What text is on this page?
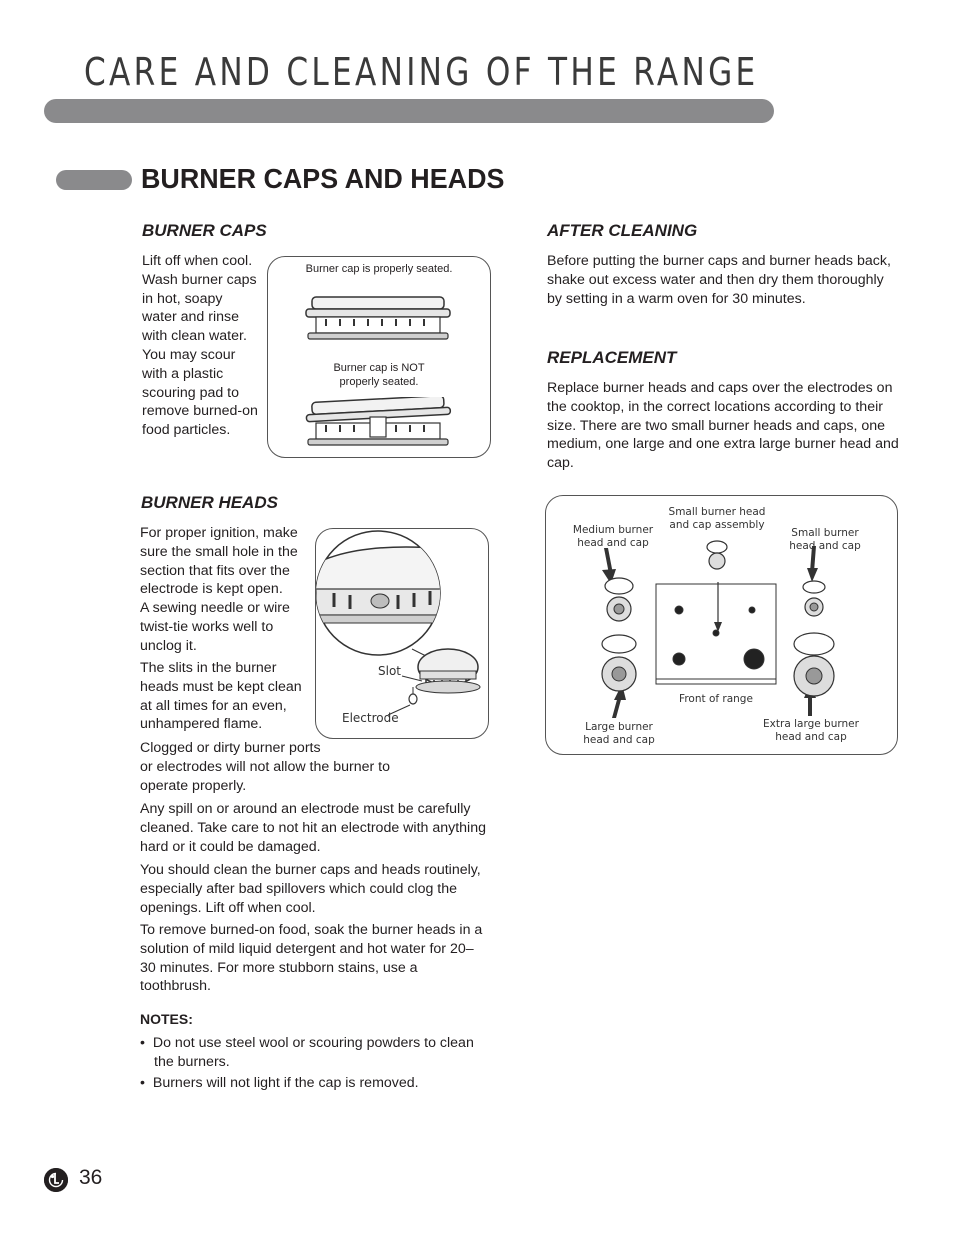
CARE AND CLEANING OF THE RANGE
BURNER CAPS AND HEADS
BURNER CAPS
Lift off when cool.
Wash burner caps
in hot, soapy
water and rinse
with clean water.
You may scour
with a plastic
scouring pad to
remove burned-on
food particles.
Burner cap is properly seated.
Burner cap is NOT
properly seated.
BURNER HEADS
For proper ignition, make
sure the small hole in the
section that fits over the
electrode is kept open.
A sewing needle or wire
twist-tie works well to
unclog it.
The slits in the burner
heads must be kept clean
at all times for an even,
unhampered flame.
Clogged or dirty burner ports
or electrodes will not allow the burner to
operate properly.
Any spill on or around an electrode must be carefully cleaned. Take care to not hit an electrode with anything hard or it could be damaged.
You should clean the burner caps and heads routinely, especially after bad spillovers which could clog the openings. Lift off when cool.
To remove burned-on food, soak the burner heads in a solution of mild liquid detergent and hot water for 20–30 minutes. For more stubborn stains, use a toothbrush.
NOTES:
•  Do not use steel wool or scouring powders to clean the burners.
•  Burners will not light if the cap is removed.
Slot
Electrode
AFTER CLEANING
Before putting the burner caps and burner heads back, shake out excess water and then dry them thoroughly by setting in a warm oven for 30 minutes.
REPLACEMENT
Replace burner heads and caps over the electrodes on the cooktop, in the correct locations according to their size. There are two small burner heads and caps, one medium, one large and one extra large burner head and cap.
Medium burner
head and cap
Small burner head
and cap assembly
Small burner
head and cap
Front of range
Large burner
head and cap
Extra large burner
head and cap
36
